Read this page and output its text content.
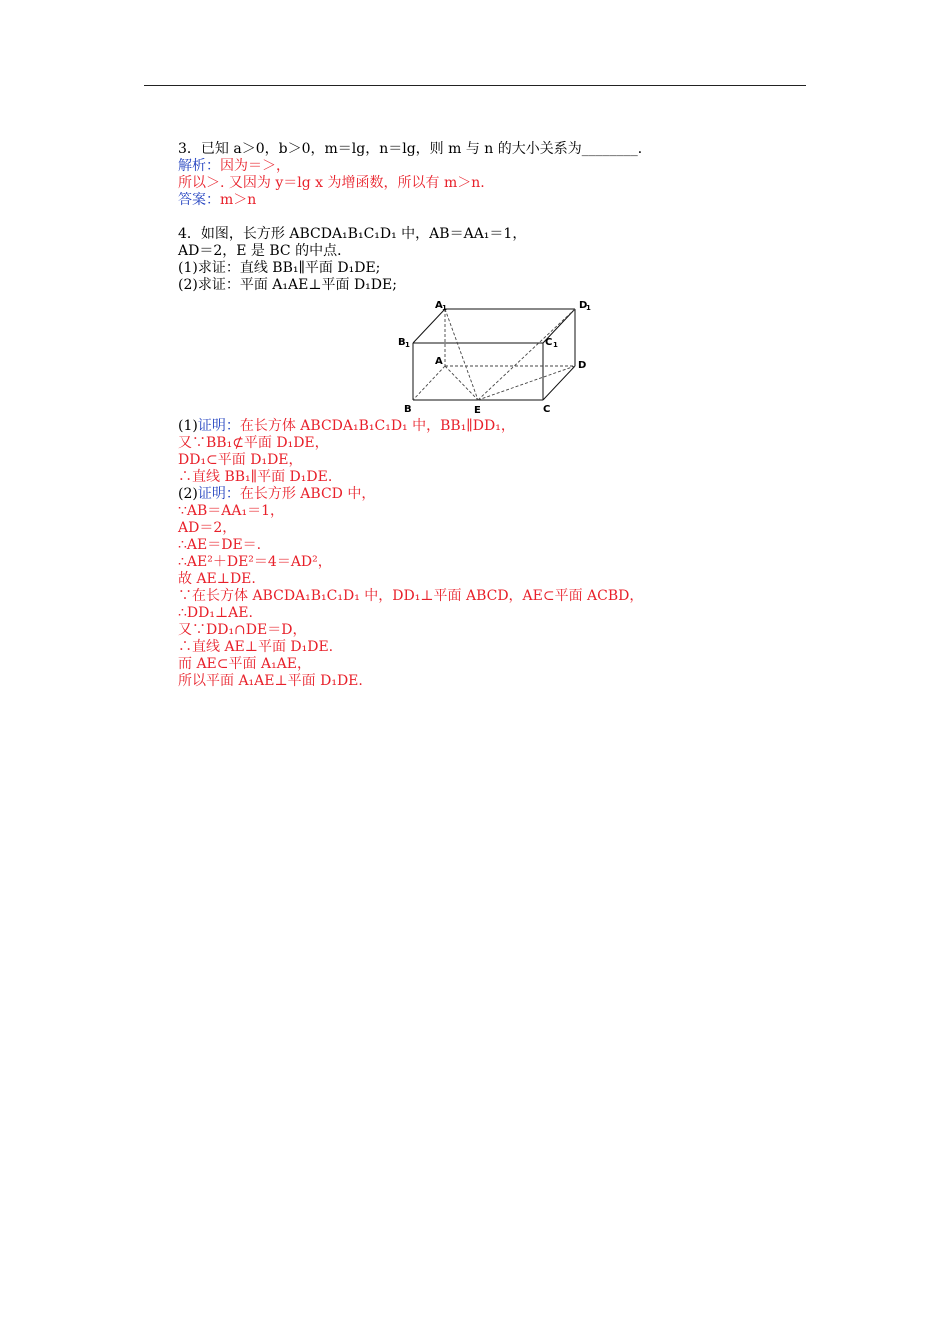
3．已知 a＞0，b＞0，m＝lg，n＝lg，则 m 与 n 的大小关系为________．
解析：因为＝＞，
所以＞. 又因为 y＝lg x 为增函数，所以有 m＞n.
答案：m＞n
4．如图，长方形 ABCDA₁B₁C₁D₁ 中，AB＝AA₁＝1，
AD＝2，E 是 BC 的中点．
(1)求证：直线 BB₁∥平面 D₁DE;
(2)求证：平面 A₁AE⊥平面 D₁DE;
A 1	D
1
B 1	C 1
A	D
B	E	C
(1)证明：在长方体 ABCDA₁B₁C₁D₁ 中，BB₁∥DD₁，
又∵BB₁⊄平面 D₁DE，
DD₁⊂平面 D₁DE，
∴直线 BB₁∥平面 D₁DE.
(2)证明：在长方形 ABCD 中，
∵AB＝AA₁＝1，
AD＝2，
∴AE＝DE＝.
∴AE²＋DE²＝4＝AD²，
故 AE⊥DE.
∵在长方体 ABCDA₁B₁C₁D₁ 中，DD₁⊥平面 ABCD，AE⊂平面 ACBD，
∴DD₁⊥AE.
又∵DD₁∩DE＝D，
∴直线 AE⊥平面 D₁DE.
而 AE⊂平面 A₁AE，
所以平面 A₁AE⊥平面 D₁DE.
